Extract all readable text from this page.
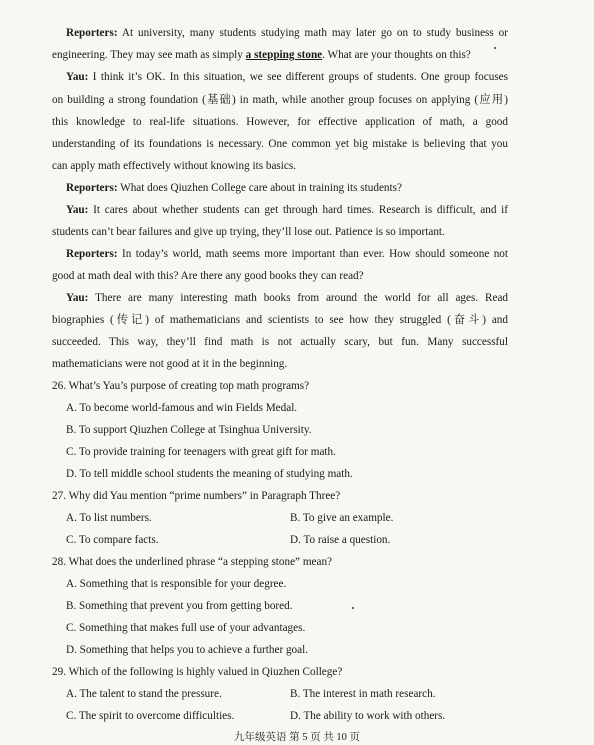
Reporters: At university, many students studying math may later go on to study business or
engineering. They may see math as simply a stepping stone. What are your thoughts on this?
Yau: I think it’s OK. In this situation, we see different groups of students. One group focuses
on building a strong foundation (基础) in math, while another group focuses on applying (应用)
this knowledge to real-life situations. However, for effective application of math, a good
understanding of its foundations is necessary. One common yet big mistake is believing that you
can apply math effectively without knowing its basics.
Reporters: What does Qiuzhen College care about in training its students?
Yau: It cares about whether students can get through hard times. Research is difficult, and if
students can’t bear failures and give up trying, they’ll lose out. Patience is so important.
Reporters: In today’s world, math seems more important than ever. How should someone not
good at math deal with this? Are there any good books they can read?
Yau: There are many interesting math books from around the world for all ages. Read
biographies (传记) of mathematicians and scientists to see how they struggled (奋斗) and
succeeded. This way, they’ll find math is not actually scary, but fun. Many successful
mathematicians were not good at it in the beginning.
26. What’s Yau’s purpose of creating top math programs?
A. To become world-famous and win Fields Medal.
B. To support Qiuzhen College at Tsinghua University.
C. To provide training for teenagers with great gift for math.
D. To tell middle school students the meaning of studying math.
27. Why did Yau mention “prime numbers” in Paragraph Three?
A. To list numbers.	B. To give an example.
C. To compare facts.	D. To raise a question.
28. What does the underlined phrase “a stepping stone” mean?
A. Something that is responsible for your degree.
B. Something that prevent you from getting bored.
C. Something that makes full use of your advantages.
D. Something that helps you to achieve a further goal.
29. Which of the following is highly valued in Qiuzhen College?
A. The talent to stand the pressure.	B. The interest in math research.
C. The spirit to overcome difficulties.	D. The ability to work with others.
九年级英语 第 5 页 共 10 页
